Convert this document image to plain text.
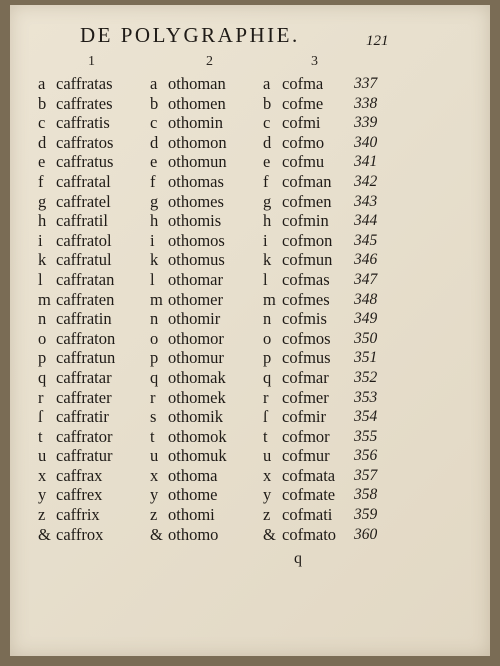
DE POLYGRAPHIE.	121
1	2	3
a caffratas a othoman a cofma 337
b caffrates b othomen b cofme 338
c caffratis c othomin c cofmi 339
d caffratos d othomon d cofmo 340
e caffratus e othomun e cofmu 341
f caffratal f othomas f cofman 342
g caffratel g othomes g cofmen 343
h caffratil	h othomis	h cofmin 344
i caffratol i othomos i cofmon 345
k caffratul k othomus k cofmun 346
l caffratan l othomar l cofmas 347
m caffraten m othomer m cofmes 348
n caffratin n othomir	n cofmis 349
o caffraton o othomor o cofmos 350
p caffratun p othomur p cofmus 351
q caffratar q othomak q cofmar 352
r caffrater r othomek r cofmer 353
ſ caffratir s othomik ſ cofmir 354
t caffrator t othomok t cofmor 355
u caffratur u othomuk u cofmur 356
x caffrax	x othoma	x cofmata 357
y caffrex	y othome	y cofmate 358
z caffrix	z othomi	z cofmati 359
& caffrox	& othomo	& cofmato 360
q
